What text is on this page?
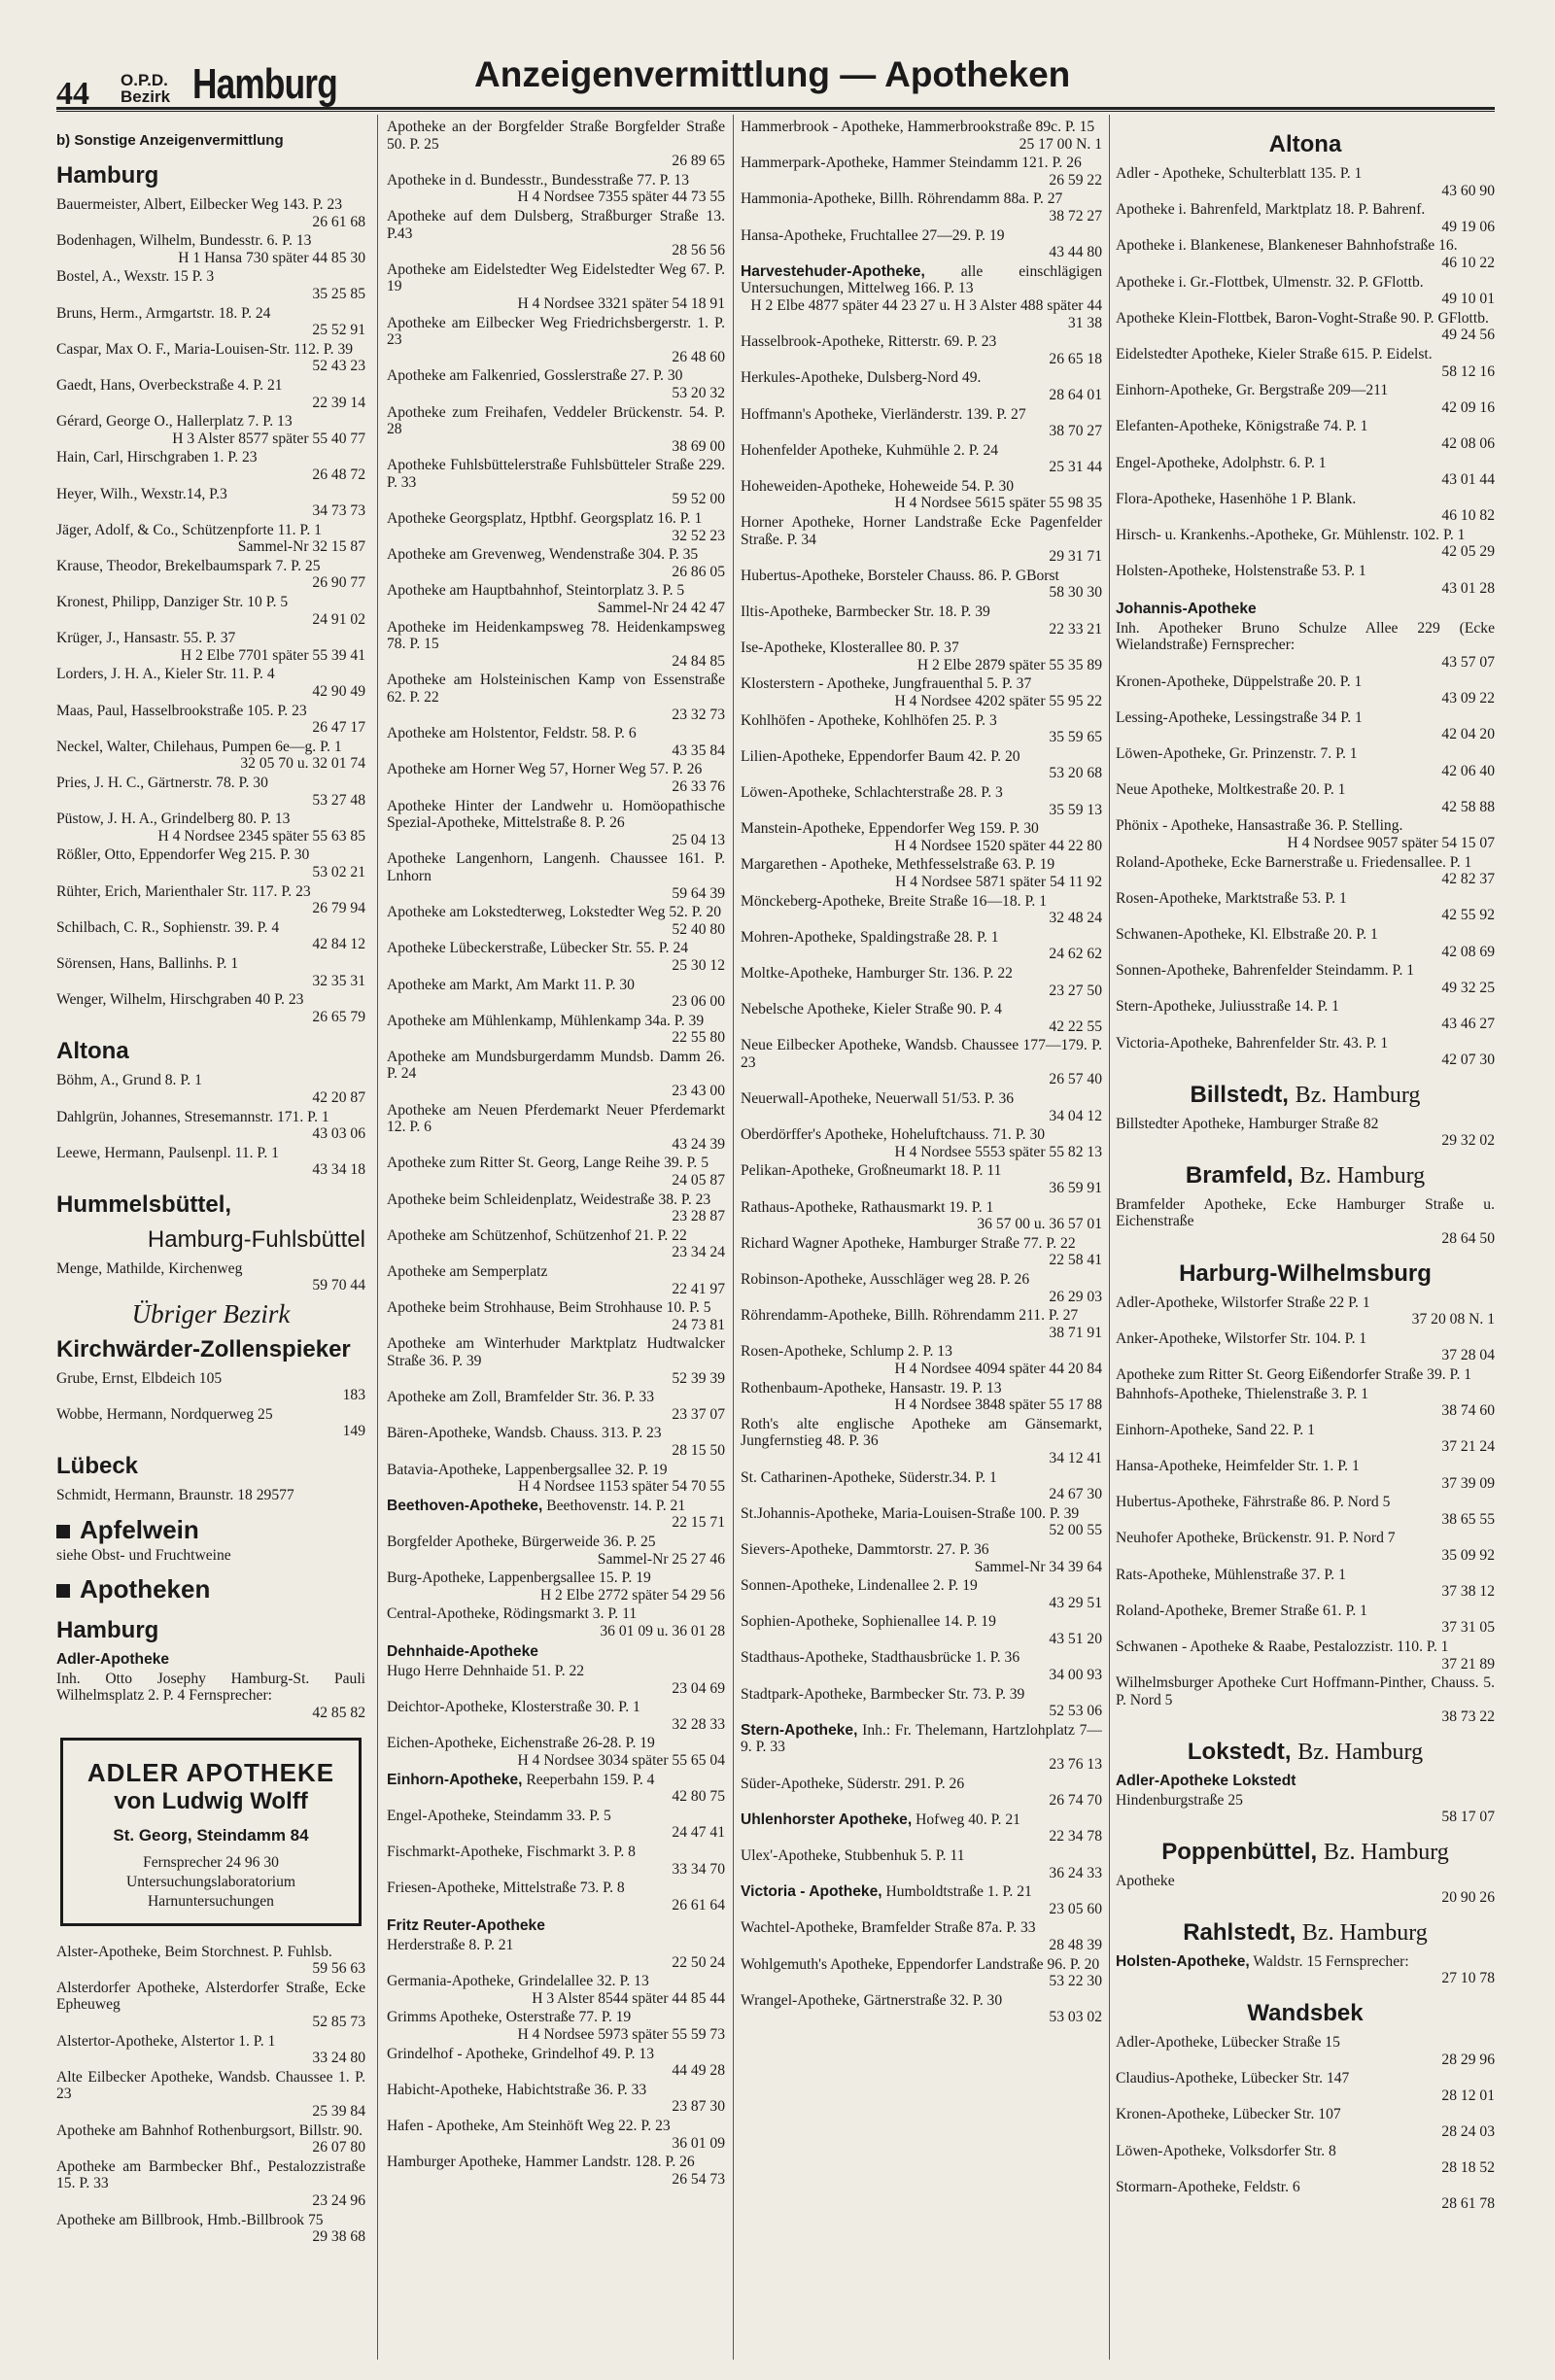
44 O.P.D.
Bezirk Hamburg	Anzeigenvermittlung — Apotheken
b) Sonstige Anzeigenvermittlung
Hamburg
Bauermeister, Albert, Eilbecker Weg 143. P. 23
26 61 68
Bodenhagen, Wilhelm, Bundesstr. 6. P. 13
H 1 Hansa 730 später 44 85 30
Bostel, A., Wexstr. 15 P. 3
35 25 85
Bruns, Herm., Armgartstr. 18. P. 24
25 52 91
Caspar, Max O. F., Maria-Louisen-Str. 112. P. 39
52 43 23
Gaedt, Hans, Overbeckstraße 4. P. 21
22 39 14
Gérard, George O., Hallerplatz 7. P. 13
H 3 Alster 8577 später 55 40 77
Hain, Carl, Hirschgraben 1. P. 23
26 48 72
Heyer, Wilh., Wexstr.14, P.3
34 73 73
Jäger, Adolf, & Co., Schützenpforte 11. P. 1
Sammel-Nr 32 15 87
Krause, Theodor, Brekelbaumspark 7. P. 25
26 90 77
Kronest, Philipp, Danziger Str. 10 P. 5
24 91 02
Krüger, J., Hansastr. 55. P. 37
H 2 Elbe 7701 später 55 39 41
Lorders, J. H. A., Kieler Str. 11. P. 4
42 90 49
Maas, Paul, Hasselbrookstraße 105. P. 23
26 47 17
Neckel, Walter, Chilehaus, Pumpen 6e—g. P. 1
32 05 70 u. 32 01 74
Pries, J. H. C., Gärtnerstr. 78. P. 30
53 27 48
Püstow, J. H. A., Grindelberg 80. P. 13
H 4 Nordsee 2345 später 55 63 85
Rößler, Otto, Eppendorfer Weg 215. P. 30
53 02 21
Rühter, Erich, Marienthaler Str. 117. P. 23
26 79 94
Schilbach, C. R., Sophienstr. 39. P. 4
42 84 12
Sörensen, Hans, Ballinhs. P. 1
32 35 31
Wenger, Wilhelm, Hirschgraben 40 P. 23
26 65 79
Altona
Böhm, A., Grund 8. P. 1
42 20 87
Dahlgrün, Johannes, Stresemannstr. 171. P. 1
43 03 06
Leewe, Hermann, Paulsenpl. 11. P. 1
43 34 18
Hummelsbüttel,
Hamburg-Fuhlsbüttel
Menge, Mathilde, Kirchenweg
59 70 44
Übriger Bezirk
Kirchwärder-Zollenspieker
Grube, Ernst, Elbdeich 105
183
Wobbe, Hermann, Nordquerweg 25
149
Lübeck
Schmidt, Hermann, Braunstr. 18 29577
Apfelwein
siehe Obst- und Fruchtweine
Apotheken
Hamburg
Adler-Apotheke
Inh. Otto Josephy Hamburg-St. Pauli Wilhelmsplatz 2. P. 4 Fernsprecher:
42 85 82
ADLER APOTHEKE
von Ludwig Wolff
St. Georg, Steindamm 84
Fernsprecher 24 96 30
Untersuchungslaboratorium
Harnuntersuchungen
Alster-Apotheke, Beim Storchnest. P. Fuhlsb.
59 56 63
Alsterdorfer Apotheke, Alsterdorfer Straße, Ecke Epheuweg
52 85 73
Alstertor-Apotheke, Alstertor 1. P. 1
33 24 80
Alte Eilbecker Apotheke, Wandsb. Chaussee 1. P. 23
25 39 84
Apotheke am Bahnhof Rothenburgsort, Billstr. 90.
26 07 80
Apotheke am Barmbecker Bhf., Pestalozzistraße 15. P. 33
23 24 96
Apotheke am Billbrook, Hmb.-Billbrook 75
29 38 68
Apotheke an der Borgfelder Straße Borgfelder Straße 50. P. 25
26 89 65
Apotheke in d. Bundesstr., Bundesstraße 77. P. 13
H 4 Nordsee 7355 später 44 73 55
Apotheke auf dem Dulsberg, Straßburger Straße 13. P.43
28 56 56
Apotheke am Eidelstedter Weg Eidelstedter Weg 67. P. 19
H 4 Nordsee 3321 später 54 18 91
Apotheke am Eilbecker Weg Friedrichsbergerstr. 1. P. 23
26 48 60
Apotheke am Falkenried, Gosslerstraße 27. P. 30
53 20 32
Apotheke zum Freihafen, Veddeler Brückenstr. 54. P. 28
38 69 00
Apotheke Fuhlsbüttelerstraße Fuhlsbütteler Straße 229. P. 33
59 52 00
Apotheke Georgsplatz, Hptbhf. Georgsplatz 16. P. 1
32 52 23
Apotheke am Grevenweg, Wendenstraße 304. P. 35
26 86 05
Apotheke am Hauptbahnhof, Steintorplatz 3. P. 5
Sammel-Nr 24 42 47
Apotheke im Heidenkampsweg 78. Heidenkampsweg 78. P. 15
24 84 85
Apotheke am Holsteinischen Kamp von Essenstraße 62. P. 22
23 32 73
Apotheke am Holstentor, Feldstr. 58. P. 6
43 35 84
Apotheke am Horner Weg 57, Horner Weg 57. P. 26
26 33 76
Apotheke Hinter der Landwehr u. Homöopathische Spezial-Apotheke, Mittelstraße 8. P. 26
25 04 13
Apotheke Langenhorn, Langenh. Chaussee 161. P. Lnhorn
59 64 39
Apotheke am Lokstedterweg, Lokstedter Weg 52. P. 20
52 40 80
Apotheke Lübeckerstraße, Lübecker Str. 55. P. 24
25 30 12
Apotheke am Markt, Am Markt 11. P. 30
23 06 00
Apotheke am Mühlenkamp, Mühlenkamp 34a. P. 39
22 55 80
Apotheke am Mundsburgerdamm Mundsb. Damm 26. P. 24
23 43 00
Apotheke am Neuen Pferdemarkt Neuer Pferdemarkt 12. P. 6
43 24 39
Apotheke zum Ritter St. Georg, Lange Reihe 39. P. 5
24 05 87
Apotheke beim Schleidenplatz, Weidestraße 38. P. 23
23 28 87
Apotheke am Schützenhof, Schützenhof 21. P. 22
23 34 24
Apotheke am Semperplatz
22 41 97
Apotheke beim Strohhause, Beim Strohhause 10. P. 5
24 73 81
Apotheke am Winterhuder Marktplatz Hudtwalcker Straße 36. P. 39
52 39 39
Apotheke am Zoll, Bramfelder Str. 36. P. 33
23 37 07
Bären-Apotheke, Wandsb. Chauss. 313. P. 23
28 15 50
Batavia-Apotheke, Lappenbergsallee 32. P. 19
H 4 Nordsee 1153 später 54 70 55
Beethoven-Apotheke, Beethovenstr. 14. P. 21
22 15 71
Borgfelder Apotheke, Bürgerweide 36. P. 25
Sammel-Nr 25 27 46
Burg-Apotheke, Lappenbergsallee 15. P. 19
H 2 Elbe 2772 später 54 29 56
Central-Apotheke, Rödingsmarkt 3. P. 11
36 01 09 u. 36 01 28
Dehnhaide-Apotheke
Hugo Herre Dehnhaide 51. P. 22
23 04 69
Deichtor-Apotheke, Klosterstraße 30. P. 1
32 28 33
Eichen-Apotheke, Eichenstraße 26-28. P. 19
H 4 Nordsee 3034 später 55 65 04
Einhorn-Apotheke, Reeperbahn 159. P. 4
42 80 75
Engel-Apotheke, Steindamm 33. P. 5
24 47 41
Fischmarkt-Apotheke, Fischmarkt 3. P. 8
33 34 70
Friesen-Apotheke, Mittelstraße 73. P. 8
26 61 64
Fritz Reuter-Apotheke
Herderstraße 8. P. 21
22 50 24
Germania-Apotheke, Grindelallee 32. P. 13
H 3 Alster 8544 später 44 85 44
Grimms Apotheke, Osterstraße 77. P. 19
H 4 Nordsee 5973 später 55 59 73
Grindelhof - Apotheke, Grindelhof 49. P. 13
44 49 28
Habicht-Apotheke, Habichtstraße 36. P. 33
23 87 30
Hafen - Apotheke, Am Steinhöft Weg 22. P. 23
36 01 09
Hamburger Apotheke, Hammer Landstr. 128. P. 26
26 54 73
Hammerbrook - Apotheke, Hammerbrookstraße 89c. P. 15
25 17 00 N. 1
Hammerpark-Apotheke, Hammer Steindamm 121. P. 26
26 59 22
Hammonia-Apotheke, Billh. Röhrendamm 88a. P. 27
38 72 27
Hansa-Apotheke, Fruchtallee 27—29. P. 19
43 44 80
Harvestehuder-Apotheke, alle einschlägigen Untersuchungen, Mittelweg 166. P. 13
H 2 Elbe 4877 später 44 23 27 u. H 3 Alster 488 später 44 31 38
Hasselbrook-Apotheke, Ritterstr. 69. P. 23
26 65 18
Herkules-Apotheke, Dulsberg-Nord 49.
28 64 01
Hoffmann's Apotheke, Vierländerstr. 139. P. 27
38 70 27
Hohenfelder Apotheke, Kuhmühle 2. P. 24
25 31 44
Hoheweiden-Apotheke, Hoheweide 54. P. 30
H 4 Nordsee 5615 später 55 98 35
Horner Apotheke, Horner Landstraße Ecke Pagenfelder Straße. P. 34
29 31 71
Hubertus-Apotheke, Borsteler Chauss. 86. P. GBorst
58 30 30
Iltis-Apotheke, Barmbecker Str. 18. P. 39
22 33 21
Ise-Apotheke, Klosterallee 80. P. 37
H 2 Elbe 2879 später 55 35 89
Klosterstern - Apotheke, Jungfrauenthal 5. P. 37
H 4 Nordsee 4202 später 55 95 22
Kohlhöfen - Apotheke, Kohlhöfen 25. P. 3
35 59 65
Lilien-Apotheke, Eppendorfer Baum 42. P. 20
53 20 68
Löwen-Apotheke, Schlachterstraße 28. P. 3
35 59 13
Manstein-Apotheke, Eppendorfer Weg 159. P. 30
H 4 Nordsee 1520 später 44 22 80
Margarethen - Apotheke, Methfesselstraße 63. P. 19
H 4 Nordsee 5871 später 54 11 92
Mönckeberg-Apotheke, Breite Straße 16—18. P. 1
32 48 24
Mohren-Apotheke, Spaldingstraße 28. P. 1
24 62 62
Moltke-Apotheke, Hamburger Str. 136. P. 22
23 27 50
Nebelsche Apotheke, Kieler Straße 90. P. 4
42 22 55
Neue Eilbecker Apotheke, Wandsb. Chaussee 177—179. P. 23
26 57 40
Neuerwall-Apotheke, Neuerwall 51/53. P. 36
34 04 12
Oberdörffer's Apotheke, Hoheluftchauss. 71. P. 30
H 4 Nordsee 5553 später 55 82 13
Pelikan-Apotheke, Großneumarkt 18. P. 11
36 59 91
Rathaus-Apotheke, Rathausmarkt 19. P. 1
36 57 00 u. 36 57 01
Richard Wagner Apotheke, Hamburger Straße 77. P. 22
22 58 41
Robinson-Apotheke, Ausschläger weg 28. P. 26
26 29 03
Röhrendamm-Apotheke, Billh. Röhrendamm 211. P. 27
38 71 91
Rosen-Apotheke, Schlump 2. P. 13
H 4 Nordsee 4094 später 44 20 84
Rothenbaum-Apotheke, Hansastr. 19. P. 13
H 4 Nordsee 3848 später 55 17 88
Roth's alte englische Apotheke am Gänsemarkt, Jungfernstieg 48. P. 36
34 12 41
St. Catharinen-Apotheke, Süderstr.34. P. 1
24 67 30
St.Johannis-Apotheke, Maria-Louisen-Straße 100. P. 39
52 00 55
Sievers-Apotheke, Dammtorstr. 27. P. 36
Sammel-Nr 34 39 64
Sonnen-Apotheke, Lindenallee 2. P. 19
43 29 51
Sophien-Apotheke, Sophienallee 14. P. 19
43 51 20
Stadthaus-Apotheke, Stadthausbrücke 1. P. 36
34 00 93
Stadtpark-Apotheke, Barmbecker Str. 73. P. 39
52 53 06
Stern-Apotheke, Inh.: Fr. Thelemann, Hartzlohplatz 7—9. P. 33
23 76 13
Süder-Apotheke, Süderstr. 291. P. 26
26 74 70
Uhlenhorster Apotheke, Hofweg 40. P. 21
22 34 78
Ulex'-Apotheke, Stubbenhuk 5. P. 11
36 24 33
Victoria - Apotheke, Humboldtstraße 1. P. 21
23 05 60
Wachtel-Apotheke, Bramfelder Straße 87a. P. 33
28 48 39
Wohlgemuth's Apotheke, Eppendorfer Landstraße 96. P. 20
53 22 30
Wrangel-Apotheke, Gärtnerstraße 32. P. 30
53 03 02
Altona
Adler - Apotheke, Schulterblatt 135. P. 1
43 60 90
Apotheke i. Bahrenfeld, Marktplatz 18. P. Bahrenf.
49 19 06
Apotheke i. Blankenese, Blankeneser Bahnhofstraße 16.
46 10 22
Apotheke i. Gr.-Flottbek, Ulmenstr. 32. P. GFlottb.
49 10 01
Apotheke Klein-Flottbek, Baron-Voght-Straße 90. P. GFlottb.
49 24 56
Eidelstedter Apotheke, Kieler Straße 615. P. Eidelst.
58 12 16
Einhorn-Apotheke, Gr. Bergstraße 209—211
42 09 16
Elefanten-Apotheke, Königstraße 74. P. 1
42 08 06
Engel-Apotheke, Adolphstr. 6. P. 1
43 01 44
Flora-Apotheke, Hasenhöhe 1 P. Blank.
46 10 82
Hirsch- u. Krankenhs.-Apotheke, Gr. Mühlenstr. 102. P. 1
42 05 29
Holsten-Apotheke, Holstenstraße 53. P. 1
43 01 28
Johannis-Apotheke
Inh. Apotheker Bruno Schulze Allee 229 (Ecke Wielandstraße) Fernsprecher:
43 57 07
Kronen-Apotheke, Düppelstraße 20. P. 1
43 09 22
Lessing-Apotheke, Lessingstraße 34 P. 1
42 04 20
Löwen-Apotheke, Gr. Prinzenstr. 7. P. 1
42 06 40
Neue Apotheke, Moltkestraße 20. P. 1
42 58 88
Phönix - Apotheke, Hansastraße 36. P. Stelling.
H 4 Nordsee 9057 später 54 15 07
Roland-Apotheke, Ecke Barnerstraße u. Friedensallee. P. 1
42 82 37
Rosen-Apotheke, Marktstraße 53. P. 1
42 55 92
Schwanen-Apotheke, Kl. Elbstraße 20. P. 1
42 08 69
Sonnen-Apotheke, Bahrenfelder Steindamm. P. 1
49 32 25
Stern-Apotheke, Juliusstraße 14. P. 1
43 46 27
Victoria-Apotheke, Bahrenfelder Str. 43. P. 1
42 07 30
Billstedt, Bz. Hamburg
Billstedter Apotheke, Hamburger Straße 82
29 32 02
Bramfeld, Bz. Hamburg
Bramfelder Apotheke, Ecke Hamburger Straße u. Eichenstraße
28 64 50
Harburg-Wilhelmsburg
Adler-Apotheke, Wilstorfer Straße 22 P. 1
37 20 08 N. 1
Anker-Apotheke, Wilstorfer Str. 104. P. 1
37 28 04
Apotheke zum Ritter St. Georg Eißendorfer Straße 39. P. 1
Bahnhofs-Apotheke, Thielenstraße 3. P. 1
38 74 60
Einhorn-Apotheke, Sand 22. P. 1
37 21 24
Hansa-Apotheke, Heimfelder Str. 1. P. 1
37 39 09
Hubertus-Apotheke, Fährstraße 86. P. Nord 5
38 65 55
Neuhofer Apotheke, Brückenstr. 91. P. Nord 7
35 09 92
Rats-Apotheke, Mühlenstraße 37. P. 1
37 38 12
Roland-Apotheke, Bremer Straße 61. P. 1
37 31 05
Schwanen - Apotheke & Raabe, Pestalozzistr. 110. P. 1
37 21 89
Wilhelmsburger Apotheke Curt Hoffmann-Pinther, Chauss. 5. P. Nord 5
38 73 22
Lokstedt, Bz. Hamburg
Adler-Apotheke Lokstedt
Hindenburgstraße 25
58 17 07
Poppenbüttel, Bz. Hamburg
Apotheke
20 90 26
Rahlstedt, Bz. Hamburg
Holsten-Apotheke, Waldstr. 15 Fernsprecher:
27 10 78
Wandsbek
Adler-Apotheke, Lübecker Straße 15
28 29 96
Claudius-Apotheke, Lübecker Str. 147
28 12 01
Kronen-Apotheke, Lübecker Str. 107
28 24 03
Löwen-Apotheke, Volksdorfer Str. 8
28 18 52
Stormarn-Apotheke, Feldstr. 6
28 61 78
